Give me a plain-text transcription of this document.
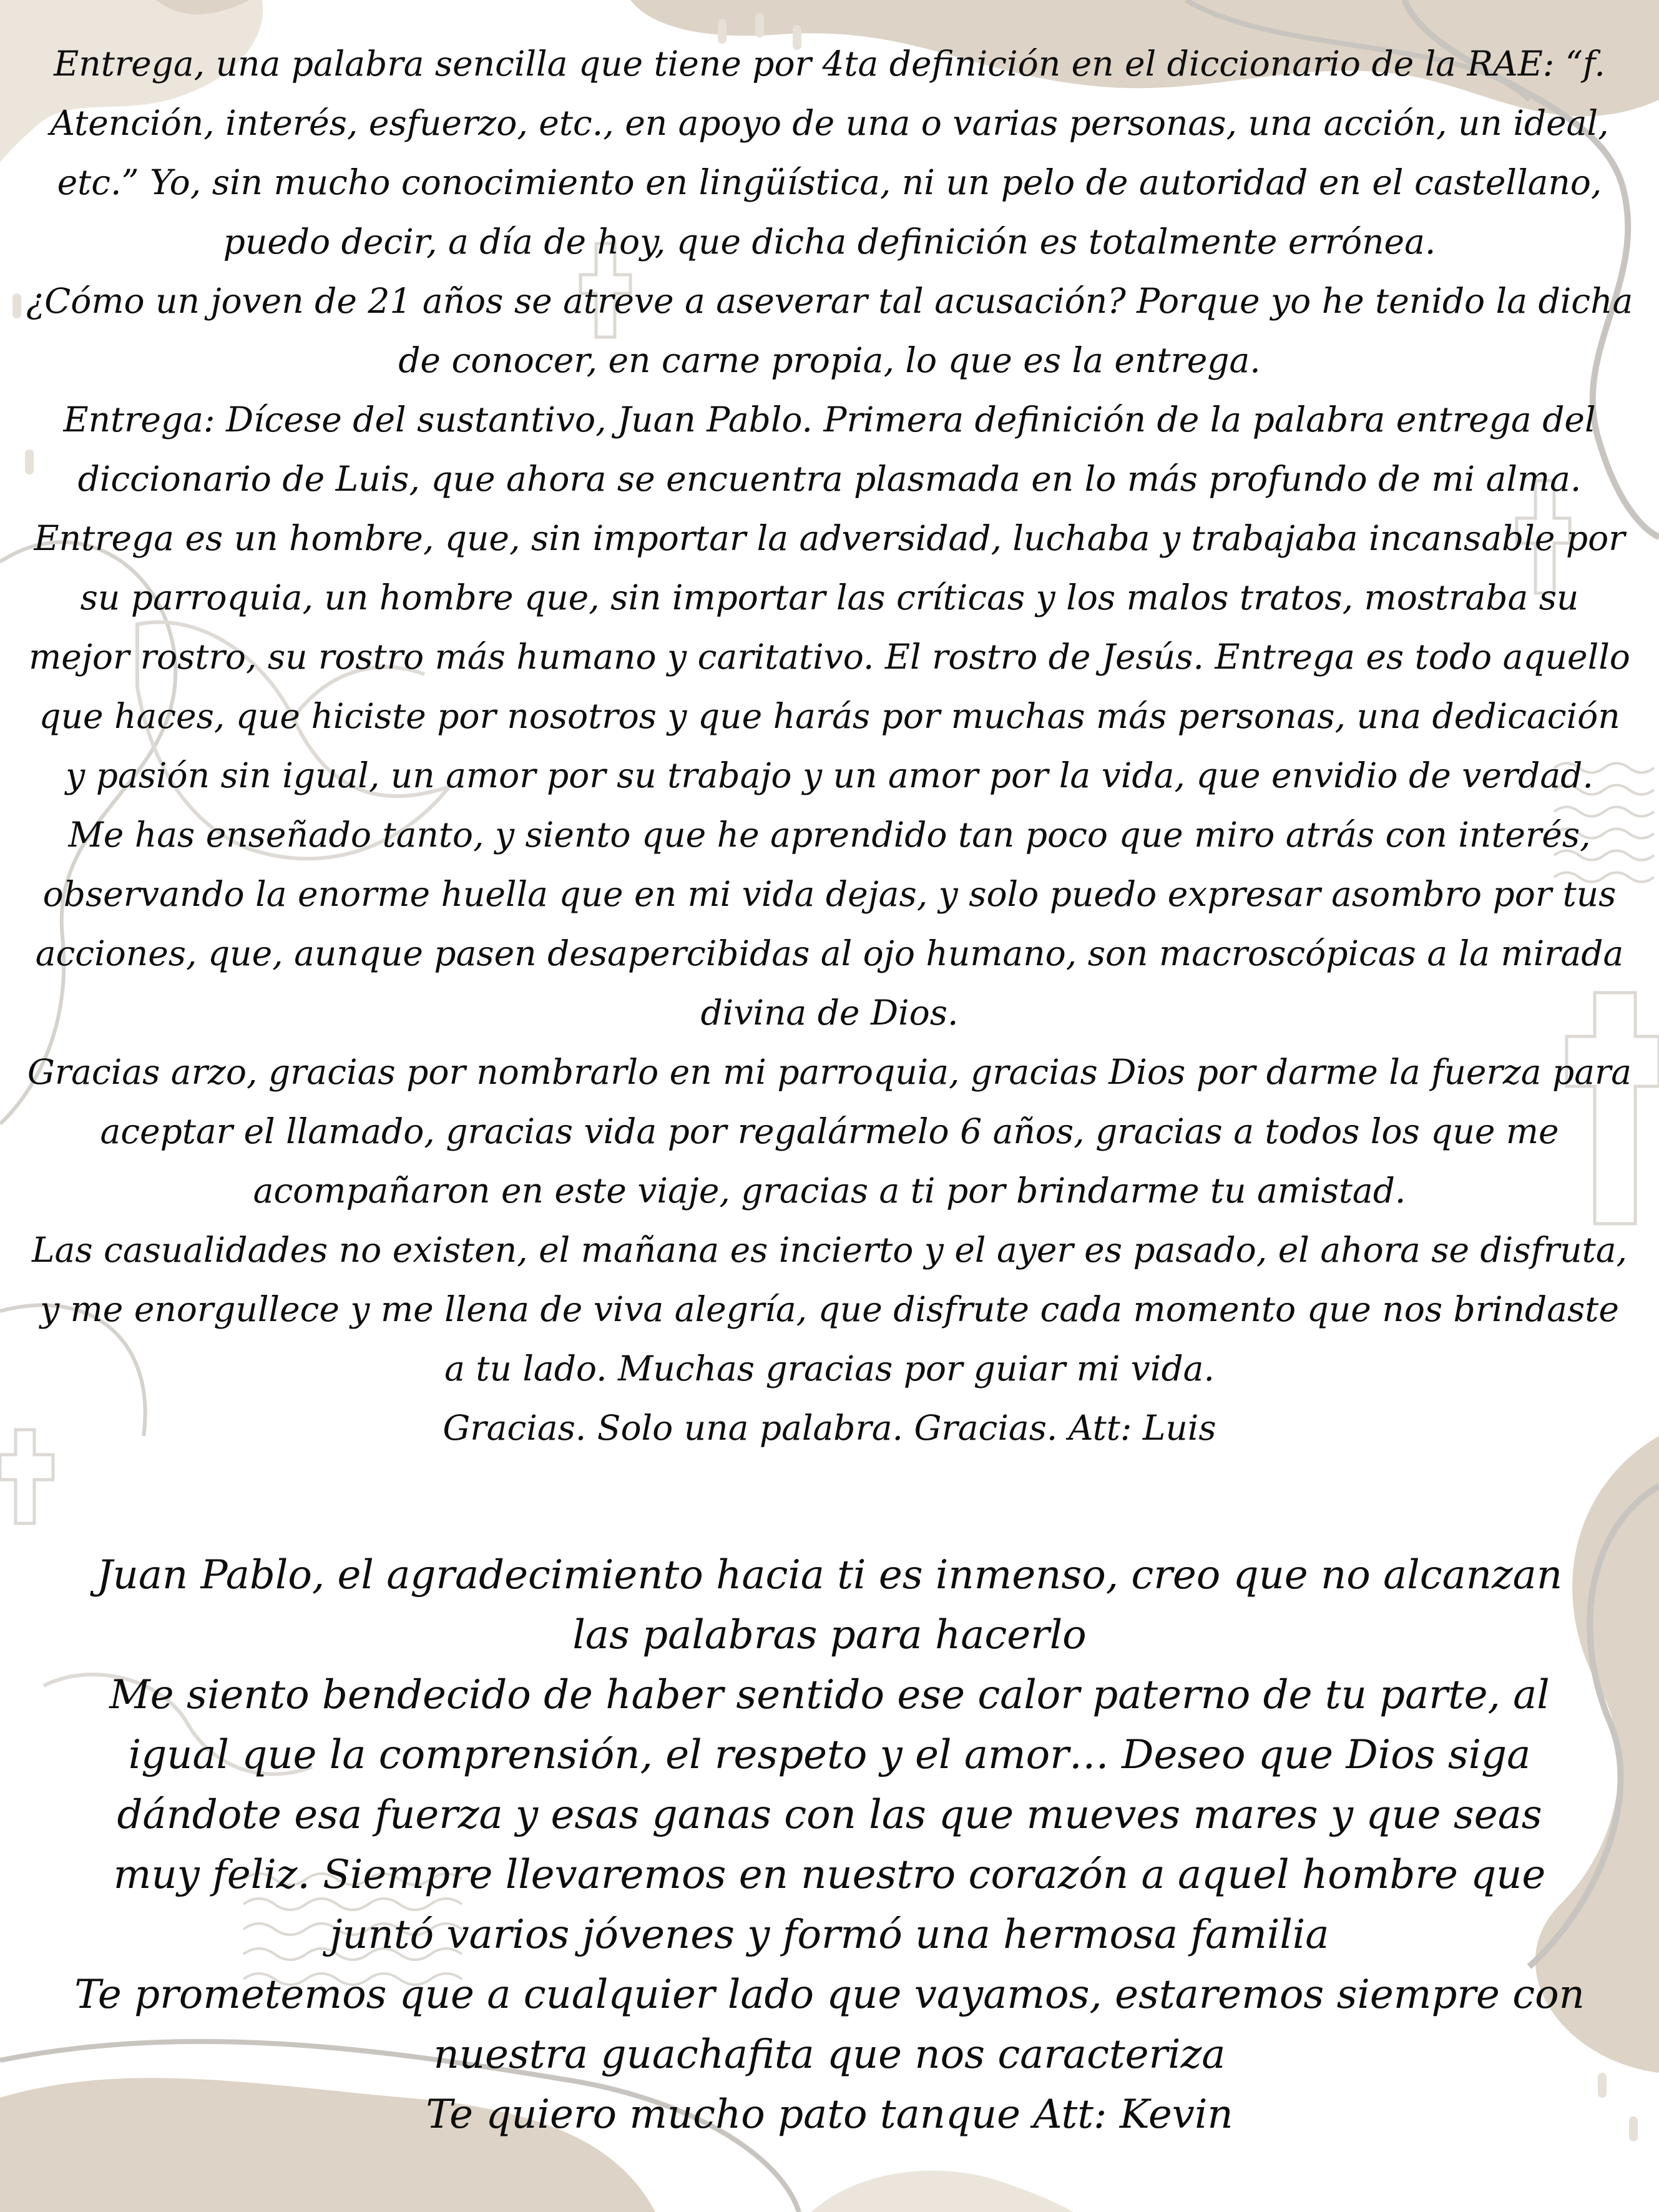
Entrega, una palabra sencilla que tiene por 4ta definición en el diccionario de la RAE: “f. Atención, interés, esfuerzo, etc., en apoyo de una o varias personas, una acción, un ideal, etc.” Yo, sin mucho conocimiento en lingüística, ni un pelo de autoridad en el castellano, puedo decir, a día de hoy, que dicha definición es totalmente errónea.

¿Cómo un joven de 21 años se atreve a aseverar tal acusación? Porque yo he tenido la dicha de conocer, en carne propia, lo que es la entrega.

Entrega: Dícese del sustantivo, Juan Pablo. Primera definición de la palabra entrega del diccionario de Luis, que ahora se encuentra plasmada en lo más profundo de mi alma. Entrega es un hombre, que, sin importar la adversidad, luchaba y trabajaba incansable por su parroquia, un hombre que, sin importar las críticas y los malos tratos, mostraba su mejor rostro, su rostro más humano y caritativo. El rostro de Jesús. Entrega es todo aquello que haces, que hiciste por nosotros y que harás por muchas más personas, una dedicación y pasión sin igual, un amor por su trabajo y un amor por la vida, que envidio de verdad.

Me has enseñado tanto, y siento que he aprendido tan poco que miro atrás con interés, observando la enorme huella que en mi vida dejas, y solo puedo expresar asombro por tus acciones, que, aunque pasen desapercibidas al ojo humano, son macroscópicas a la mirada divina de Dios.

Gracias arzo, gracias por nombrarlo en mi parroquia, gracias Dios por darme la fuerza para aceptar el llamado, gracias vida por regalármelo 6 años, gracias a todos los que me acompañaron en este viaje, gracias a ti por brindarme tu amistad.

Las casualidades no existen, el mañana es incierto y el ayer es pasado, el ahora se disfruta, y me enorgullece y me llena de viva alegría, que disfrute cada momento que nos brindaste a tu lado. Muchas gracias por guiar mi vida.

Gracias. Solo una palabra. Gracias. Att: Luis

Juan Pablo, el agradecimiento hacia ti es inmenso, creo que no alcanzan las palabras para hacerlo

Me siento bendecido de haber sentido ese calor paterno de tu parte, al igual que la comprensión, el respeto y el amor… Deseo que Dios siga dándote esa fuerza y esas ganas con las que mueves mares y que seas muy feliz. Siempre llevaremos en nuestro corazón a aquel hombre que juntó varios jóvenes y formó una hermosa familia

Te prometemos que a cualquier lado que vayamos, estaremos siempre con nuestra guachafita que nos caracteriza

Te quiero mucho pato tanque Att: Kevin
